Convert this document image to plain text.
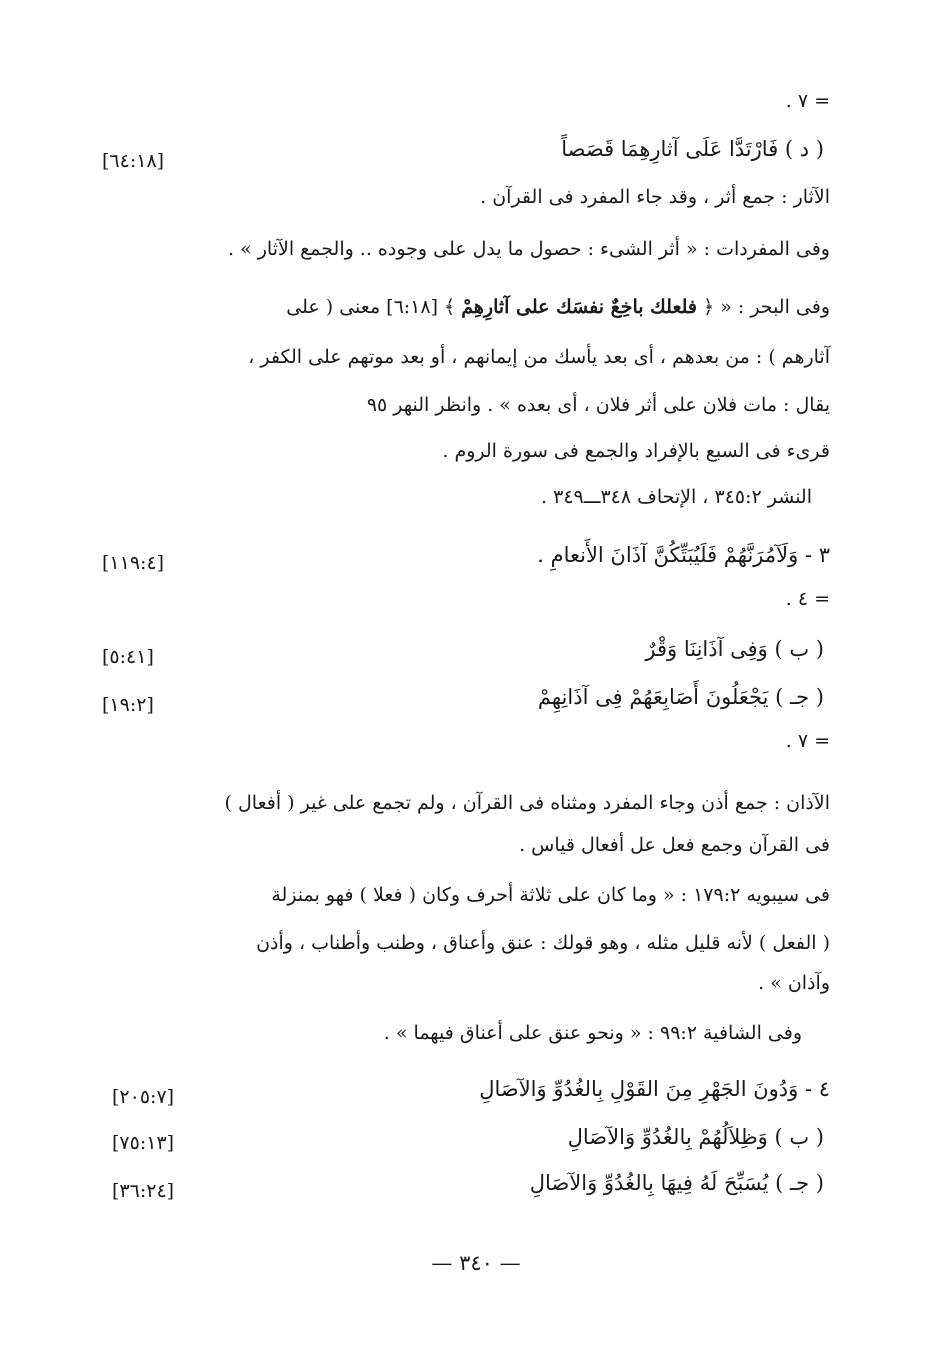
= ٧ .
( د ) فَارْتَدَّا عَلَى آثارِهِمَا قَصَصاً
[٦٤:١٨]
الآثار : جمع أثر ، وقد جاء المفرد فى القرآن .
وفى المفردات : « أثر الشىء : حصول ما يدل على وجوده .. والجمع الآثار » .
وفى البحر : « ﴿ فلعلك باخِعٌ نفسَك على آثارِهِمْ ﴾ [٦:١٨] معنى ( على
آثارهم ) : من بعدهم ، أى بعد يأسك من إيمانهم ، أو بعد موتهم على الكفر ،
يقال : مات فلان على أثر فلان ، أى بعده » . وانظر النهر ٩٥
قرىء فى السبع بالإفراد والجمع فى سورة الروم .
النشر ٣٤٥:٢ ، الإتحاف ٣٤٨ـــ٣٤٩ .
٣ - وَلَآمُرَنَّهُمْ فَلَيُبَتِّكُنَّ آذَانَ الأَنعامِ .
[١١٩:٤]
= ٤ .
( ب ) وَفِى آذَانِنَا وَقْرٌ
[٥:٤١]
( جـ ) يَجْعَلُونَ أَصَابِعَهُمْ فِى آذَانِهِمْ
[١٩:٢]
= ٧ .
الآذان : جمع أذن وجاء المفرد ومثناه فى القرآن ، ولم تجمع على غير ( أفعال )
فى القرآن وجمع فعل عل أفعال قياس .
فى سيبويه ١٧٩:٢ : « وما كان على ثلاثة أحرف وكان ( فعلا ) فهو بمنزلة
( الفعل ) لأنه قليل مثله ، وهو قولك : عنق وأعناق ، وطنب وأطناب ، وأذن
وآذان » .
وفى الشافية ٩٩:٢ : « ونحو عنق على أعناق فيهما » .
٤ - وَدُونَ الجَهْرِ مِنَ القَوْلِ بِالغُدُوِّ وَالآصَالِ
[٢٠٥:٧]
( ب ) وَظِلاَلُهُمْ بِالغُدُوِّ وَالآصَالِ
[٧٥:١٣]
( جـ ) يُسَبِّحَ لَهُ فِيهَا بِالغُدُوِّ وَالآصَالِ
[٣٦:٢٤]
— ٣٤٠ —
